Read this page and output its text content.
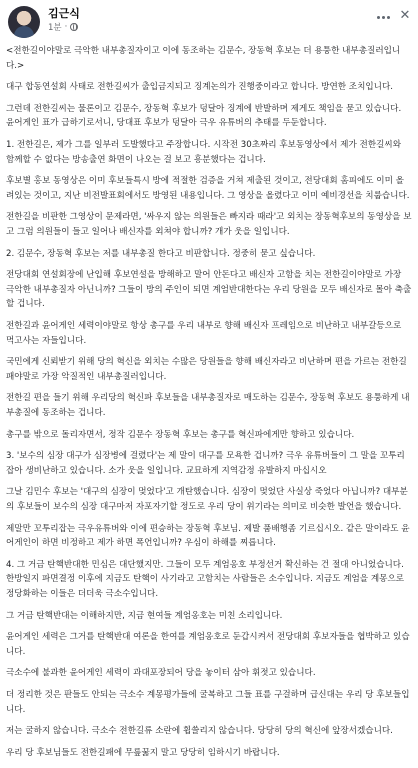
김근식
1분 ·
✕

<전한길이야말로 극악한 내부총질자이고 이에 동조하는 김문수, 장동혁 후보는 더 용퉁한 내부총질러입니다.>

대구 합동연설회 사태로 전한길씨가 출입금지되고 징계논의가 진행중이라고 합니다. 방연한 조치입니다.

그런데 전한길씨는 물론이고 김문수, 장동혁 후보가 덩달아 징계에 반발하며 제게도 책임을 묻고 있습니다. 윤어게인 표가 급하기로서니, 당대표 후보가 덩달아 극우 유튜버의 추태를 두둔합니다.

1. 전한길은, 제가 그를 일부러 도발했다고 주장합니다. 시작전 30초짜리 후보동영상에서 제가 전한길씨와 함께할 수 없다는 방송출연 화면이 나오는 걸 보고 흥분했다는 겁니다.

후보별 홍보 동영상은 이미 후보들특시 방에 적절한 검증을 거쳐 제출된 것이고, 전당대회 홈피에도 이미 올려있는 것이고, 지난 비전발표회에서도 방영된 내용입니다. 그 영상을 올렸다고 이미 예비경선을 치룹습니다.

전한길을 비판한 그영상이 문제라면, '싸우지 않는 의원들은 빠지라 때라'고 외치는 장동혁후보의 동영상을 보고 그럼 의원들이 들고 일어나 배신자를 외쳐야 합니까? 개가 웃을 일입니다.

2. 김문수, 장동혁 후보는 저를 내부총질 한다고 비판합니다. 정중히 묻고 싶습니다.

전당대회 연설회장에 난입해 후보연설을 방해하고 말어 안돈다고 배신자 고함을 치는 전한길이야말로 가장 극악한 내부총질자 아닌니까? 그들이 방의 주인이 되면 계엄반대한다는 우리 당원을 모두 배신자로 몰아 축출할 겁니다.

전한길과 윤어게인 세력이야말로 항상 총구를 우리 내부로 향해 배신자 프레임으로 비난하고 내부갈등으로 먹고사는 자들입니다.

국민에게 신뢰받기 위해 당의 혁신을 외치는 수많은 당원들을 향해 배신자라고 비난하며 편을 가르는 전한길패야말로 가장 악질적인 내부총질러입니다.

전한길 편을 들기 위해 우리당의 혁신파 후보들을 내부총질자로 매도하는 김문수, 장동혁 후보도 용퉁하게 내부총질에 동조하는 겁니다.

총구를 밖으로 돌리자면서, 정작 김문수 장동혁 후보는 총구를 혁신파에게만 향하고 있습니다.

3. '보수의 심장 대구가 심장병에 걸렸다'는 제 말이 대구를 모욕한 겁니까? 극우 유튜버들이 그 말을 꼬투리 잡아 생비난하고 있습니다. 소가 웃을 일입니다. 교묘하게 지역감정 유발하지 마십시오

그날 김민수 후보는 '대구의 심장이 멎었다'고 개탄했습니다. 심장이 멎었단 사실상 죽었다 아닙니까? 대부분의 후보들이 보수의 심장 대구마저 자포자기할 정도로 우리 당이 위기라는 의미로 비슷한 발언을 했습니다.

제말만 꼬투리잡는 극우유튜버와 이에 편승하는 장동혁 후보님. 제발 품배행좀 기르십시오. 같은 말이라도 윤어게인이 하면 비정하고 제가 하면 폭언입니까? 우심이 하해를 찌릅니다.

4. 그 거금 탄핵반대한 민심은 대단했지만. 그들이 모두 계엄옹호 부정선거 확신하는 건 절대 아니었습니다. 한방일지 파면결정 이후에 지금도 탄핵이 사기라고 고함치는 사람들은 소수입니다. 지금도 계엄을 계몽으로 정당화하는 이들은 더더욱 극소수입니다.

그 거금 탄핵반대는 이해하지만, 지금 현여들 계엄옹호는 미친 소리입니다.

윤어게인 세력은 그거를 탄핵반대 여론을 한여를 계엄옹호로 둔갑시켜서 전당대회 후보자들을 협박하고 있습니다.

극소수에 불과한 윤어게인 세력이 과대포장되어 당을 놓이터 삼아 휘젓고 있습니다.

더 정리한 것은 판들도 안되는 극소수 계몽평가들에 굴복하고 그들 표를 구걸하며 급신대는 우리 당 후보들입니다.

저는 굴하지 않습니다. 극소수 전한길류 소란에 휩쓸리지 않습니다. 당당히 당의 혁신에 앞장서겠습니다.

우리 당 후보님들도 전한길패에 무릎꿇지 말고 당당히 임하시기 바랍니다.
